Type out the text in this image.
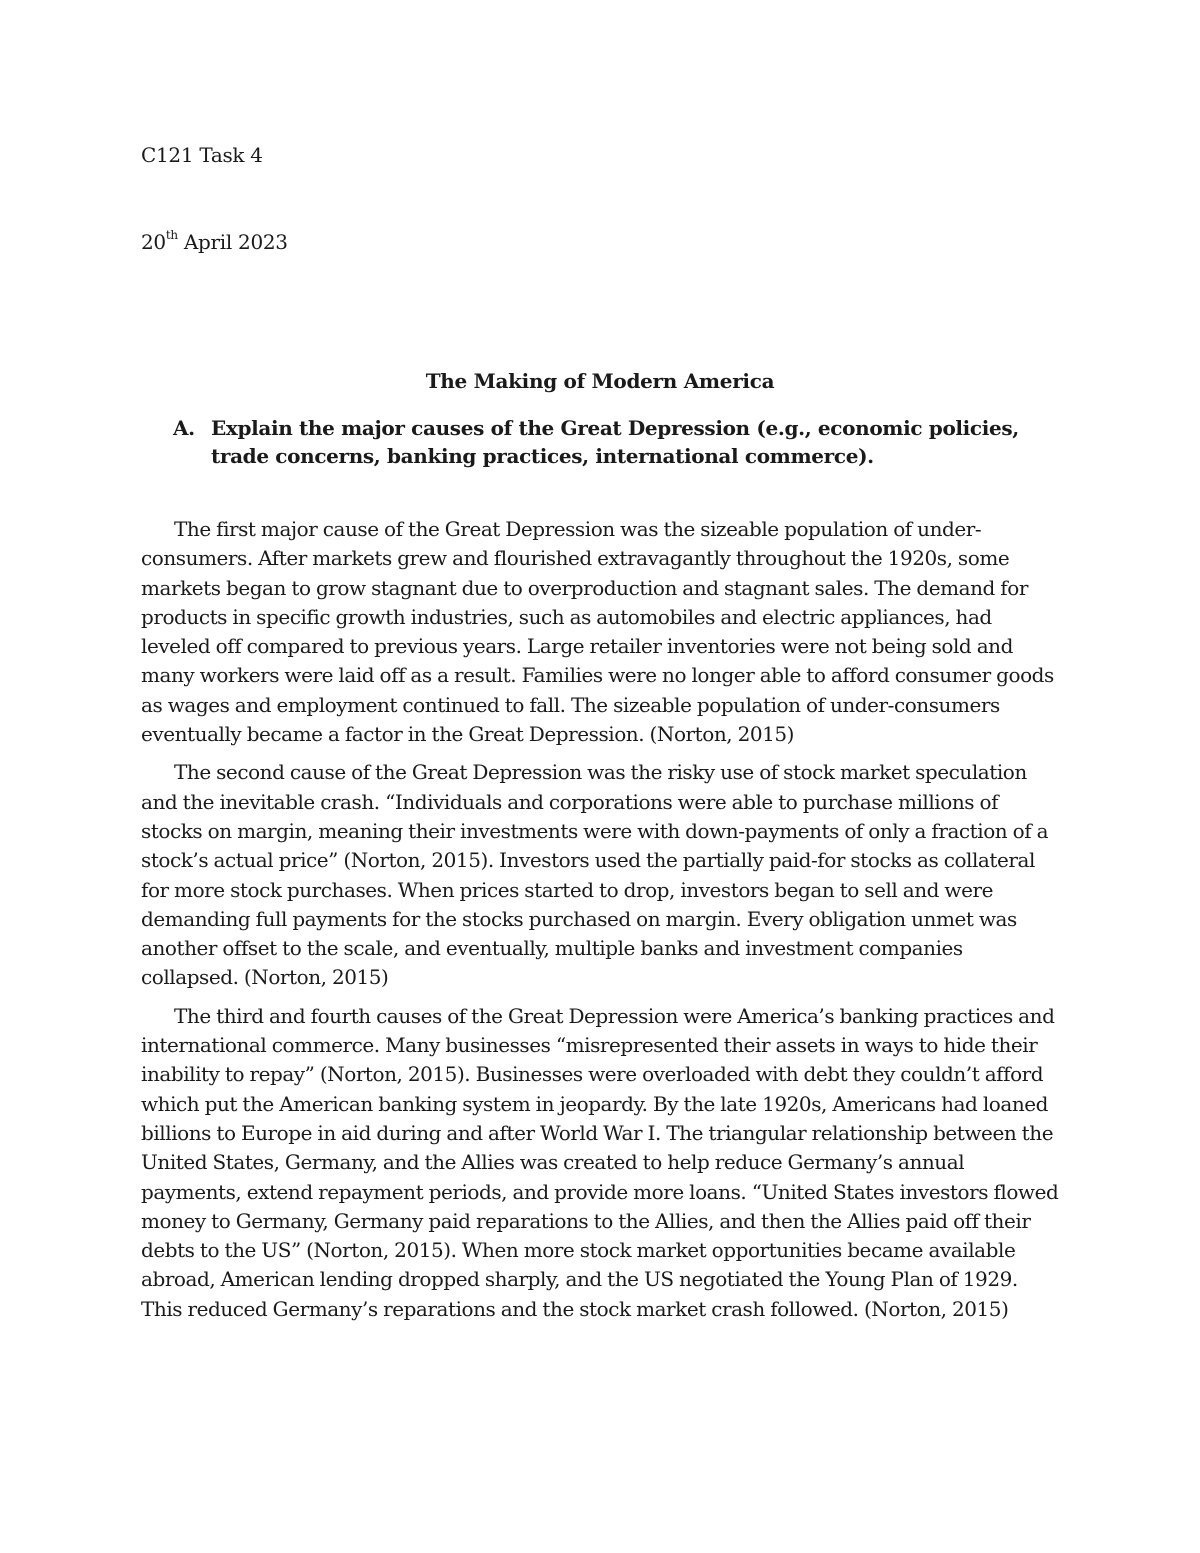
C121 Task 4
20th April 2023
The Making of Modern America
A. Explain the major causes of the Great Depression (e.g., economic policies, trade concerns, banking practices, international commerce).

The first major cause of the Great Depression was the sizeable population of under-consumers. After markets grew and flourished extravagantly throughout the 1920s, some markets began to grow stagnant due to overproduction and stagnant sales. The demand for products in specific growth industries, such as automobiles and electric appliances, had leveled off compared to previous years. Large retailer inventories were not being sold and many workers were laid off as a result. Families were no longer able to afford consumer goods as wages and employment continued to fall. The sizeable population of under-consumers eventually became a factor in the Great Depression. (Norton, 2015)

The second cause of the Great Depression was the risky use of stock market speculation and the inevitable crash. “Individuals and corporations were able to purchase millions of stocks on margin, meaning their investments were with down-payments of only a fraction of a stock’s actual price” (Norton, 2015). Investors used the partially paid-for stocks as collateral for more stock purchases. When prices started to drop, investors began to sell and were demanding full payments for the stocks purchased on margin. Every obligation unmet was another offset to the scale, and eventually, multiple banks and investment companies collapsed. (Norton, 2015)

The third and fourth causes of the Great Depression were America’s banking practices and international commerce. Many businesses “misrepresented their assets in ways to hide their inability to repay” (Norton, 2015). Businesses were overloaded with debt they couldn’t afford which put the American banking system in jeopardy. By the late 1920s, Americans had loaned billions to Europe in aid during and after World War I. The triangular relationship between the United States, Germany, and the Allies was created to help reduce Germany’s annual payments, extend repayment periods, and provide more loans. “United States investors flowed money to Germany, Germany paid reparations to the Allies, and then the Allies paid off their debts to the US” (Norton, 2015). When more stock market opportunities became available abroad, American lending dropped sharply, and the US negotiated the Young Plan of 1929. This reduced Germany’s reparations and the stock market crash followed. (Norton, 2015)
